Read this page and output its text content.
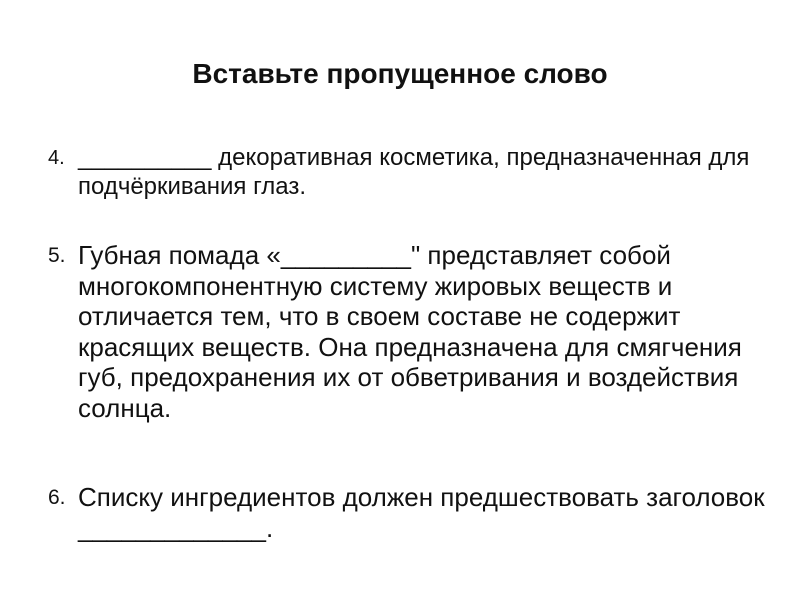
Вставьте пропущенное слово
4. __________ декоративная косметика, предназначенная для подчёркивания глаз.
5. Губная помада «_________" представляет собой многокомпонентную систему жировых веществ и отличается тем, что в своем составе не содержит красящих веществ. Она предназначена для смягчения губ, предохранения их от обветривания и воздействия солнца.
6. Списку ингредиентов должен предшествовать заголовок _____________.
